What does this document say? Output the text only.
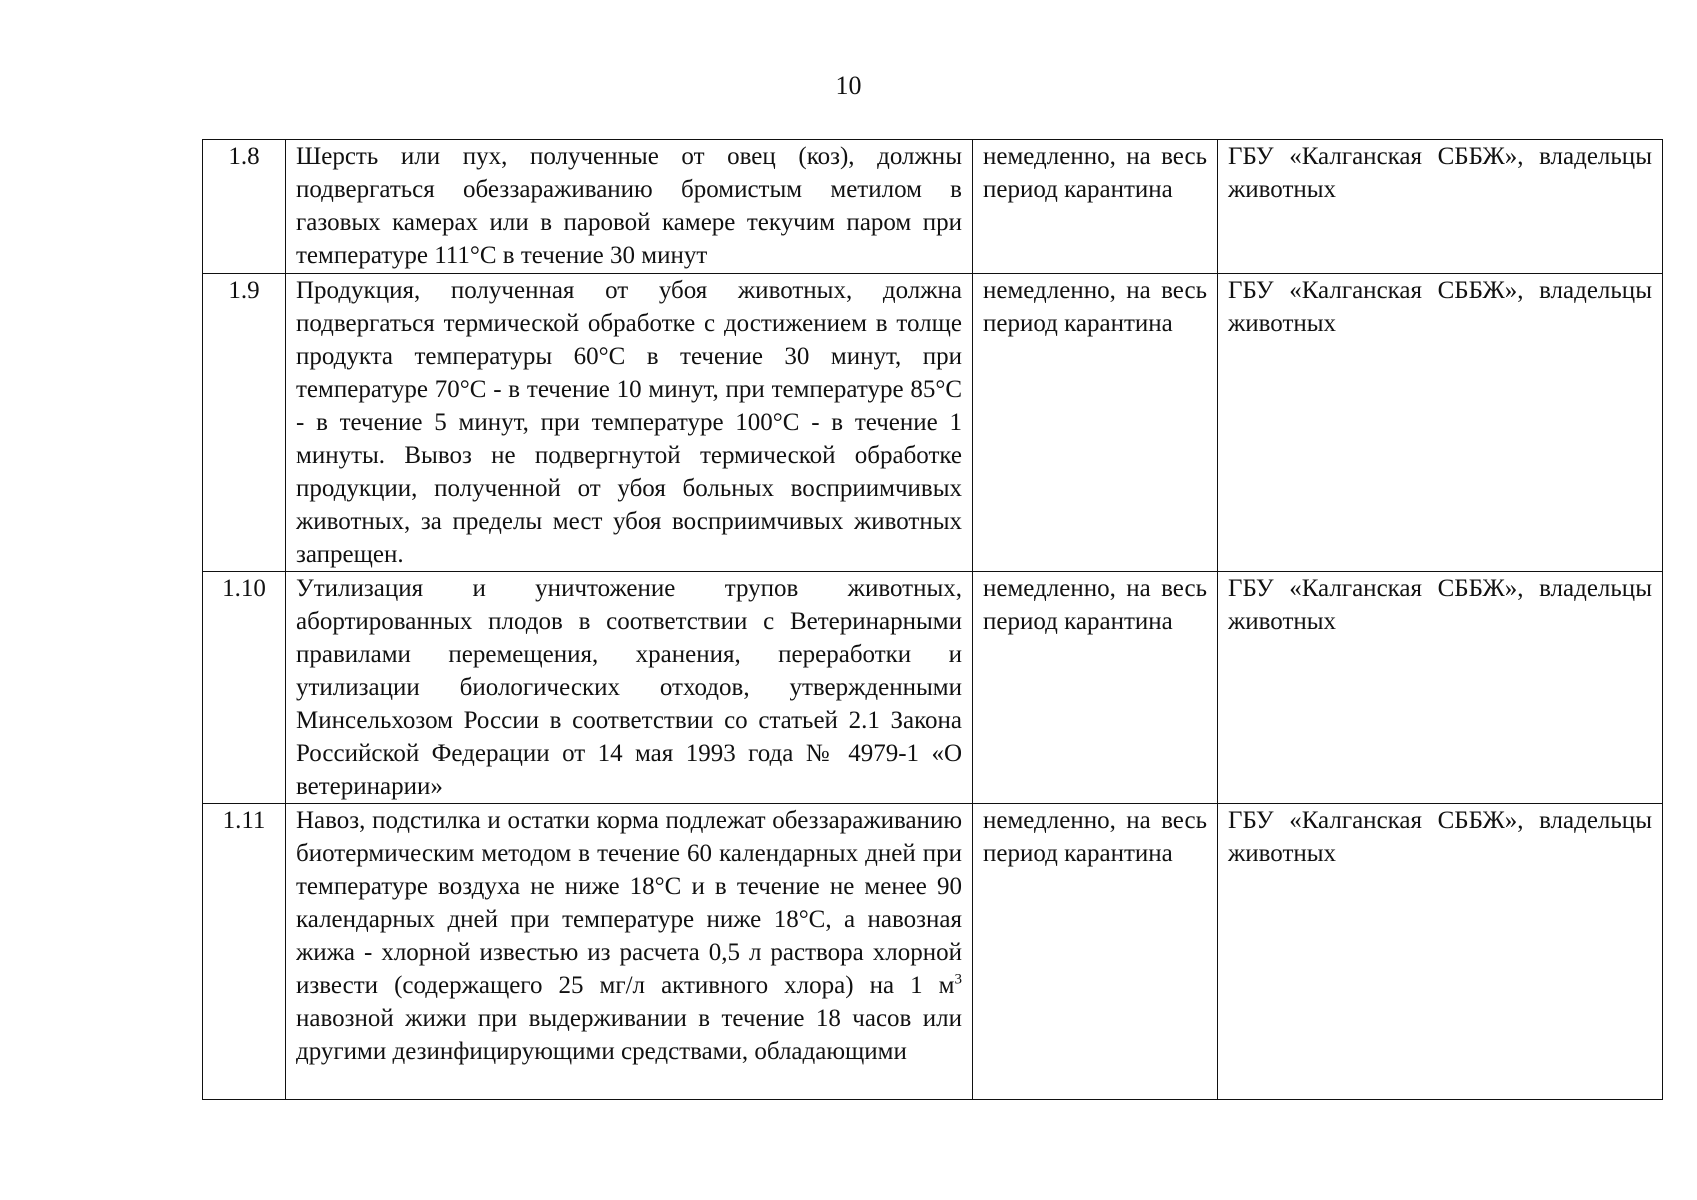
10
1.8	Шерсть или пух, полученные от овец (коз), должны подвергаться обеззараживанию бромистым метилом в газовых камерах или в паровой камере текучим паром при температуре 111°С в течение 30 минут	немедленно, на весь период карантина	ГБУ «Калганская СББЖ», владельцы животных
1.9	Продукция, полученная от убоя животных, должна подвергаться термической обработке с достижением в толще продукта температуры 60°С в течение 30 минут, при температуре 70°С - в течение 10 минут, при температуре 85°С - в течение 5 минут, при температуре 100°С - в течение 1 минуты. Вывоз не подвергнутой термической обработке продукции, полученной от убоя больных восприимчивых животных, за пределы мест убоя восприимчивых животных запрещен.	немедленно, на весь период карантина	ГБУ «Калганская СББЖ», владельцы животных
1.10	Утилизация и уничтожение трупов животных, абортированных плодов в соответствии с Ветеринарными правилами перемещения, хранения, переработки и утилизации биологических отходов, утвержденными Минсельхозом России в соответствии со статьей 2.1 Закона Российской Федерации от 14 мая 1993 года № 4979-1 «О ветеринарии»	немедленно, на весь период карантина	ГБУ «Калганская СББЖ», владельцы животных
1.11	Навоз, подстилка и остатки корма подлежат обеззараживанию биотермическим методом в течение 60 календарных дней при температуре воздуха не ниже 18°С и в течение не менее 90 календарных дней при температуре ниже 18°С, а навозная жижа - хлорной известью из расчета 0,5 л раствора хлорной извести (содержащего 25 мг/л активного хлора) на 1 $м^3$ навозной жижи при выдерживании в течение 18 часов или другими дезинфицирующими средствами, обладающими	немедленно, на весь период карантина	ГБУ «Калганская СББЖ», владельцы животных
